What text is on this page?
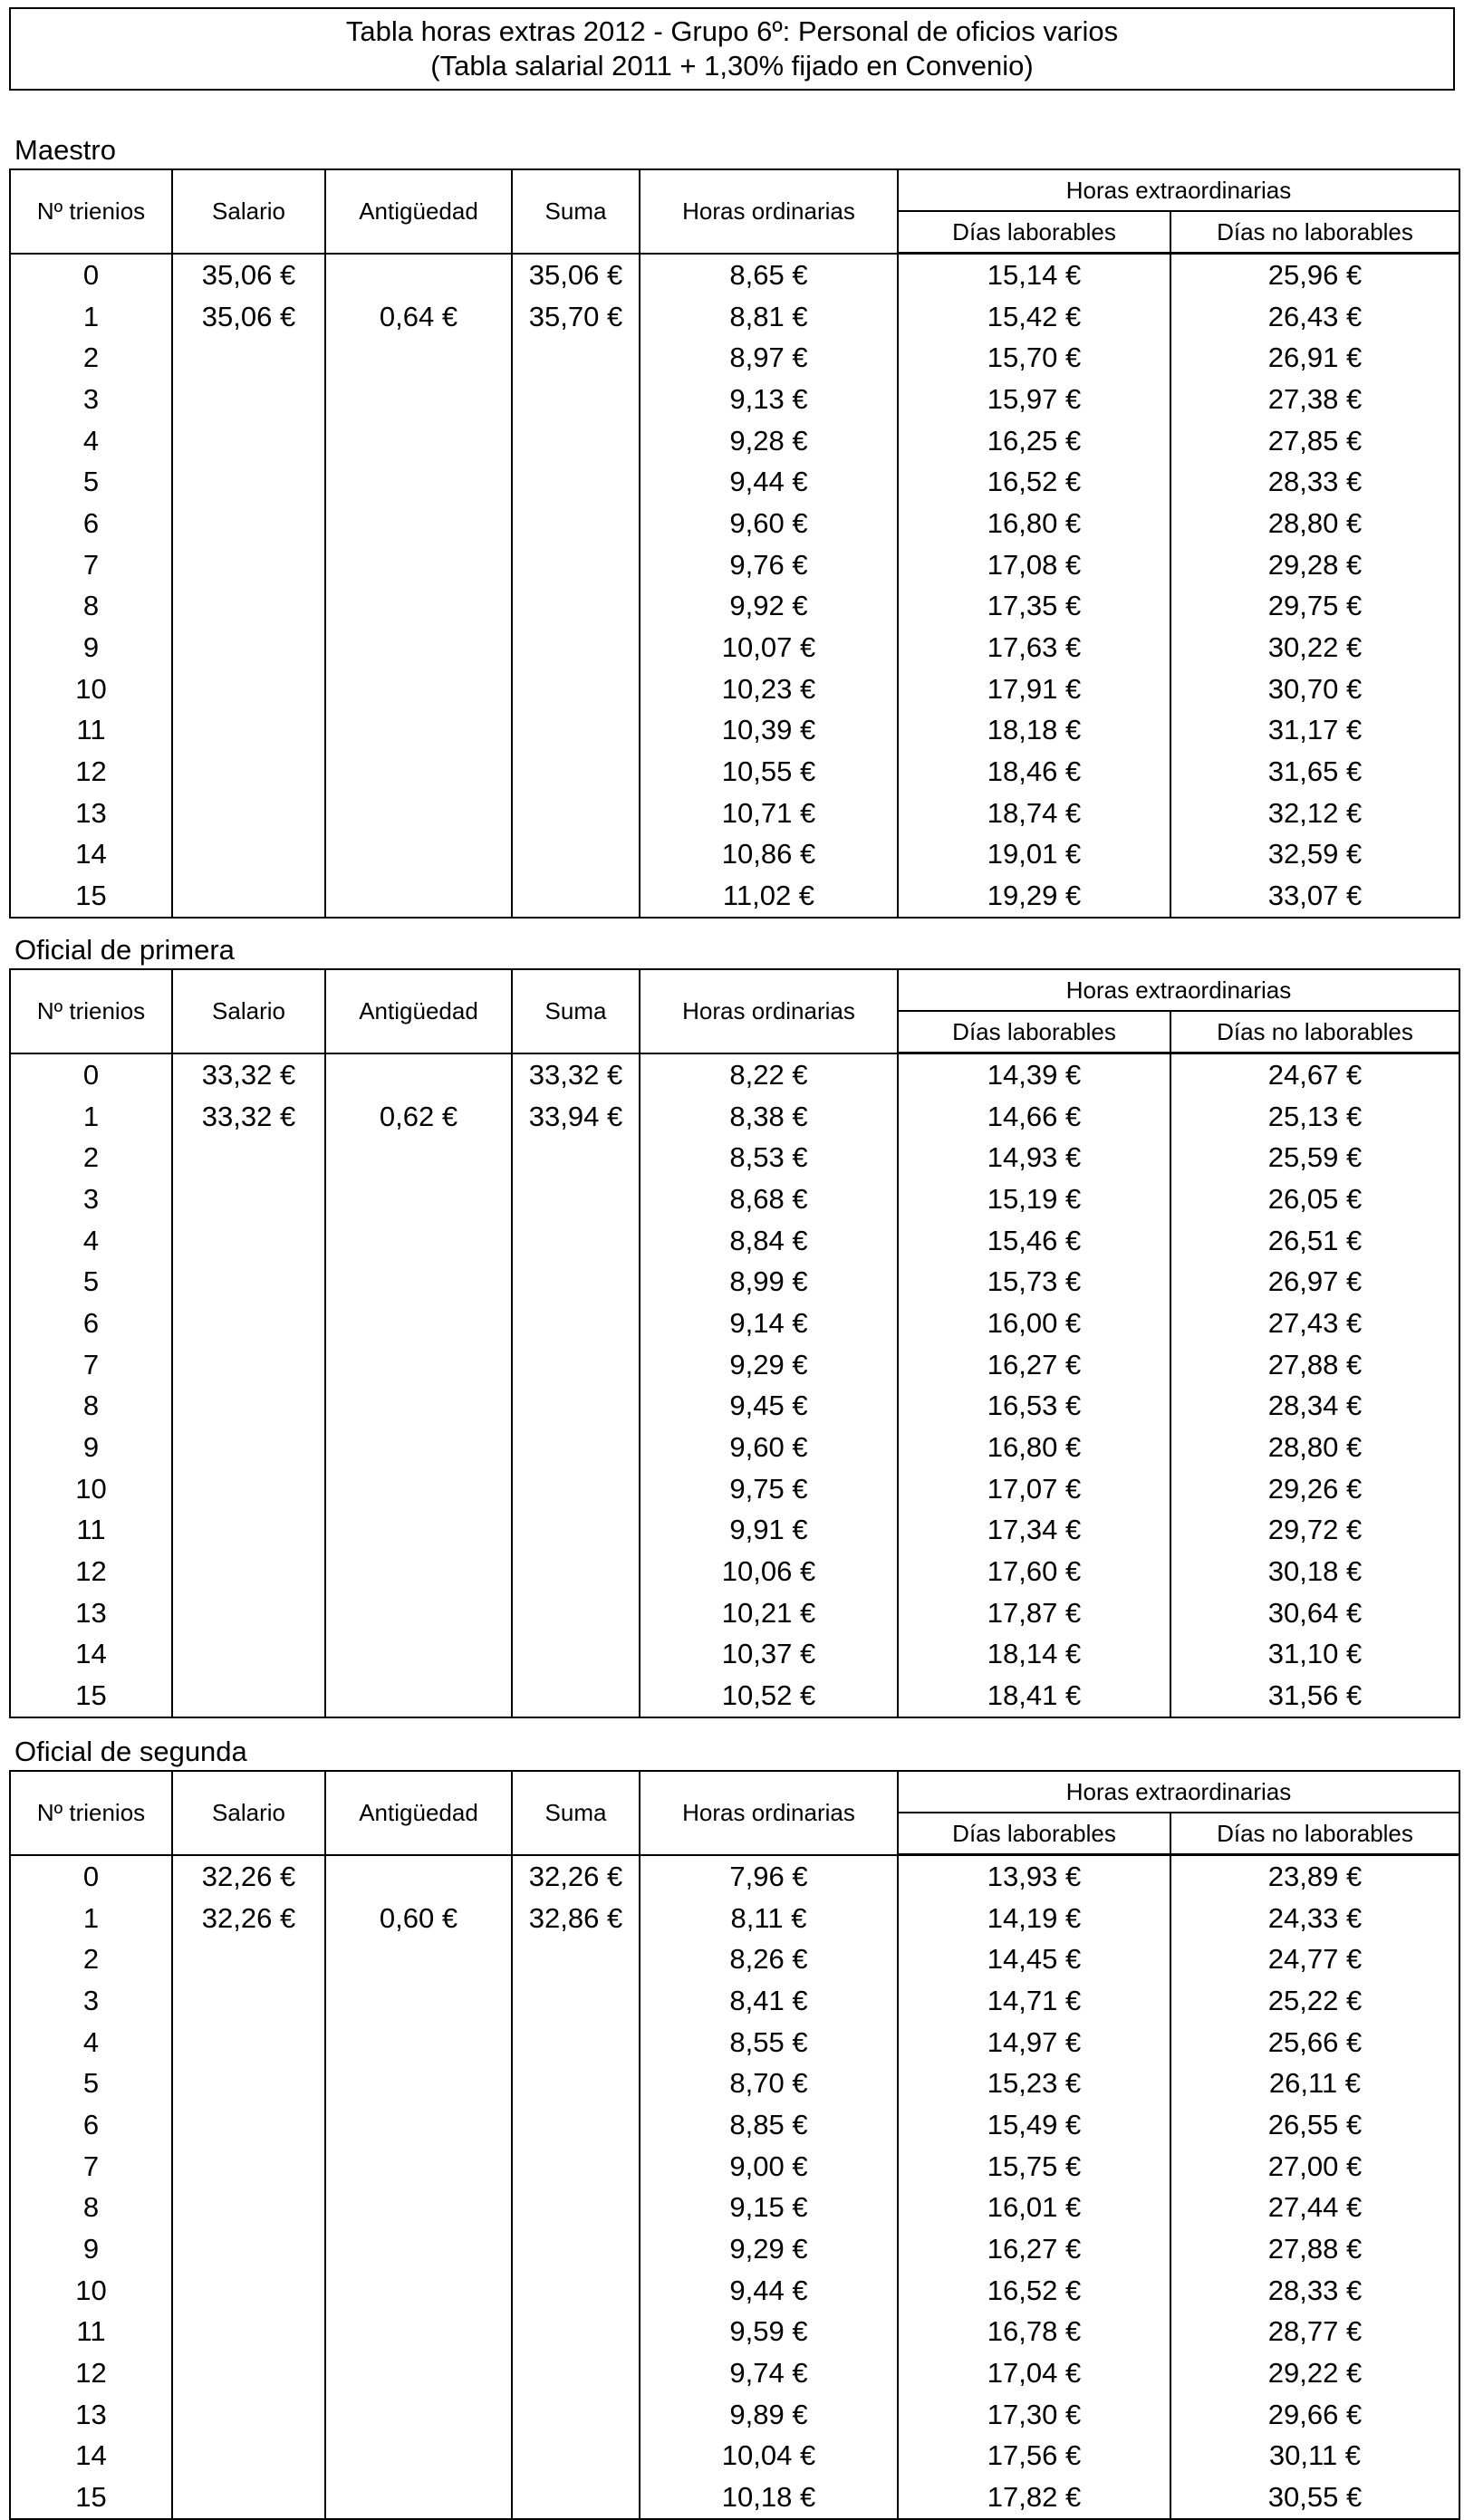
Tabla horas extras 2012 - Grupo 6º: Personal de oficios varios
(Tabla salarial 2011 + 1,30% fijado en Convenio)
Maestro
Nº trienios	Salario	Antigüedad	Suma	Horas ordinarias	Horas extraordinarias	
					Días laborables	Días no laborables
0	35,06 €		35,06 €	8,65 €	15,14 €	25,96 €
1	35,06 €	0,64 €	35,70 €	8,81 €	15,42 €	26,43 €
2				8,97 €	15,70 €	26,91 €
3				9,13 €	15,97 €	27,38 €
4				9,28 €	16,25 €	27,85 €
5				9,44 €	16,52 €	28,33 €
6				9,60 €	16,80 €	28,80 €
7				9,76 €	17,08 €	29,28 €
8				9,92 €	17,35 €	29,75 €
9				10,07 €	17,63 €	30,22 €
10				10,23 €	17,91 €	30,70 €
11				10,39 €	18,18 €	31,17 €
12				10,55 €	18,46 €	31,65 €
13				10,71 €	18,74 €	32,12 €
14				10,86 €	19,01 €	32,59 €
15				11,02 €	19,29 €	33,07 €
Oficial de primera
Nº trienios	Salario	Antigüedad	Suma	Horas ordinarias	Horas extraordinarias	
					Días laborables	Días no laborables
0	33,32 €		33,32 €	8,22 €	14,39 €	24,67 €
1	33,32 €	0,62 €	33,94 €	8,38 €	14,66 €	25,13 €
2				8,53 €	14,93 €	25,59 €
3				8,68 €	15,19 €	26,05 €
4				8,84 €	15,46 €	26,51 €
5				8,99 €	15,73 €	26,97 €
6				9,14 €	16,00 €	27,43 €
7				9,29 €	16,27 €	27,88 €
8				9,45 €	16,53 €	28,34 €
9				9,60 €	16,80 €	28,80 €
10				9,75 €	17,07 €	29,26 €
11				9,91 €	17,34 €	29,72 €
12				10,06 €	17,60 €	30,18 €
13				10,21 €	17,87 €	30,64 €
14				10,37 €	18,14 €	31,10 €
15				10,52 €	18,41 €	31,56 €
Oficial de segunda
Nº trienios	Salario	Antigüedad	Suma	Horas ordinarias	Horas extraordinarias	
					Días laborables	Días no laborables
0	32,26 €		32,26 €	7,96 €	13,93 €	23,89 €
1	32,26 €	0,60 €	32,86 €	8,11 €	14,19 €	24,33 €
2				8,26 €	14,45 €	24,77 €
3				8,41 €	14,71 €	25,22 €
4				8,55 €	14,97 €	25,66 €
5				8,70 €	15,23 €	26,11 €
6				8,85 €	15,49 €	26,55 €
7				9,00 €	15,75 €	27,00 €
8				9,15 €	16,01 €	27,44 €
9				9,29 €	16,27 €	27,88 €
10				9,44 €	16,52 €	28,33 €
11				9,59 €	16,78 €	28,77 €
12				9,74 €	17,04 €	29,22 €
13				9,89 €	17,30 €	29,66 €
14				10,04 €	17,56 €	30,11 €
15				10,18 €	17,82 €	30,55 €
